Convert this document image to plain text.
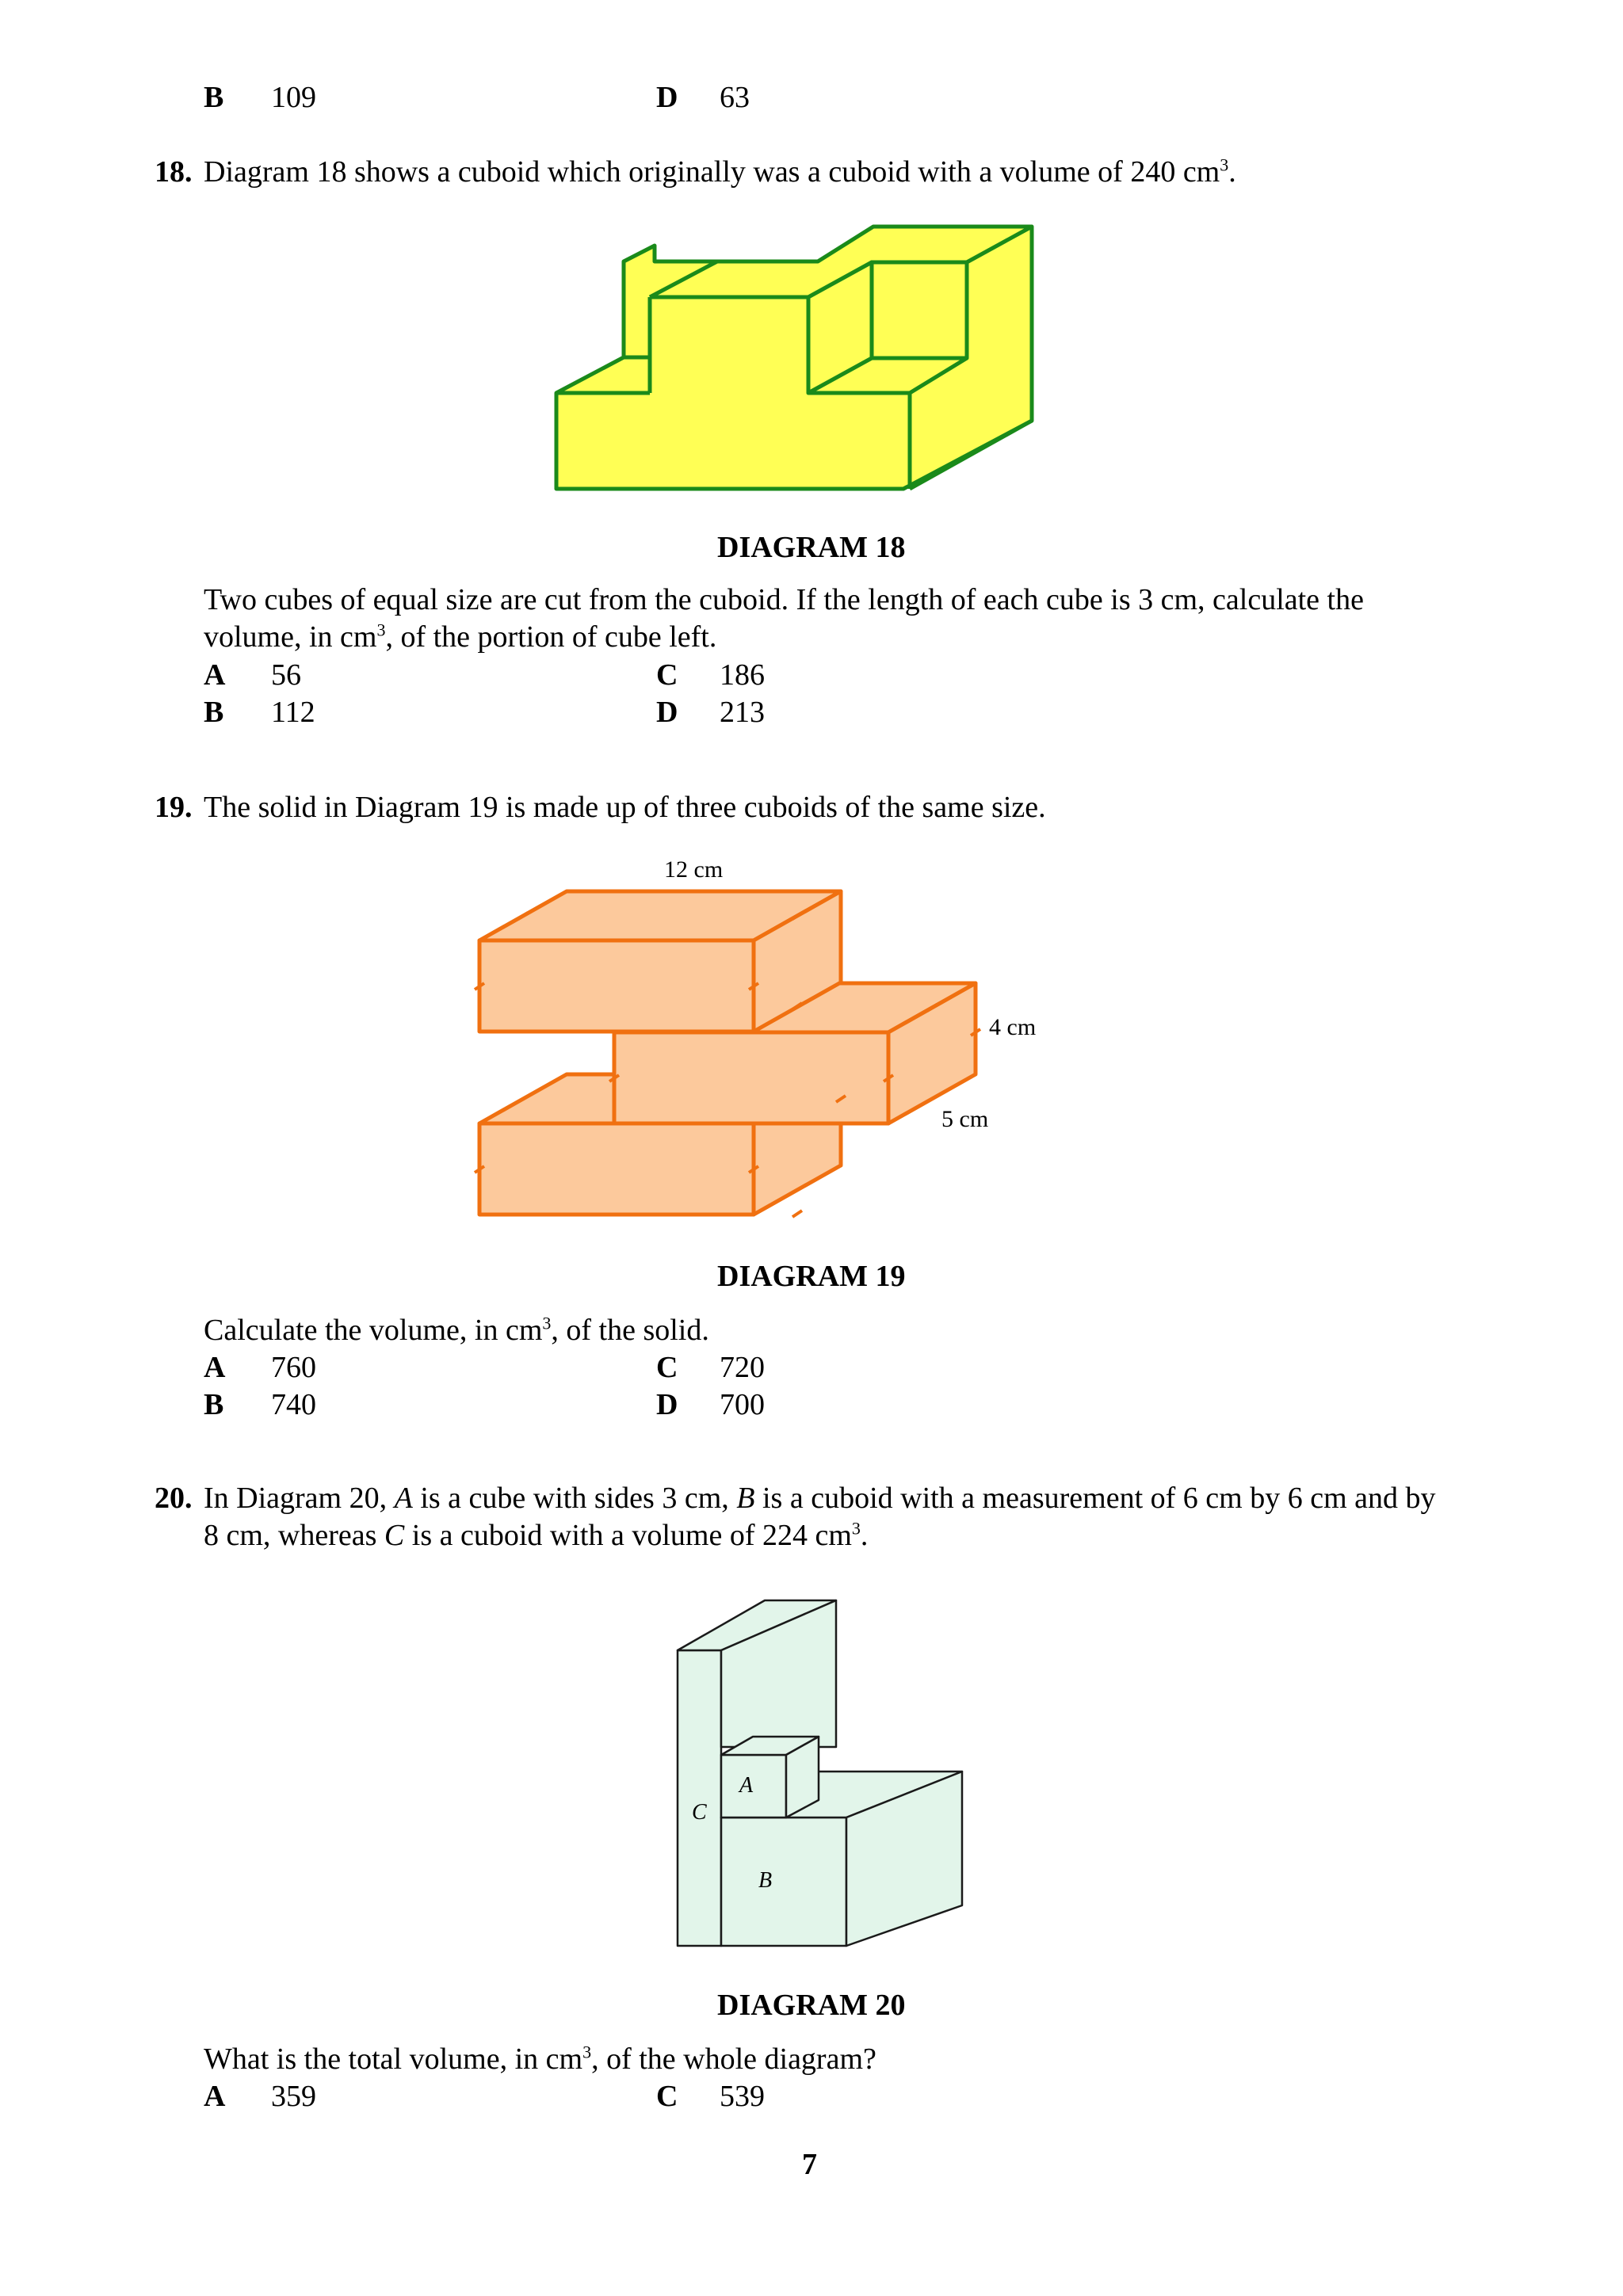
B 109	D 63
18. Diagram 18 shows a cuboid which originally was a cuboid with a volume of 240 $cm^3$.
DIAGRAM 18
Two cubes of equal size are cut from the cuboid. If the length of each cube is 3 cm, calculate the
volume, in $cm^3$, of the portion of cube left.
A 56	C 186
B 112	D 213
19. The solid in Diagram 19 is made up of three cuboids of the same size.
12 cm
4 cm
5 cm
DIAGRAM 19
Calculate the volume, in $cm^3$, of the solid.
A 760	C 720
B 740	D 700
20. In Diagram 20, A is a cube with sides 3 cm, B is a cuboid with a measurement of 6 cm by 6 cm and by
8 cm, whereas C is a cuboid with a volume of 224 $cm^3$.
A
B
C
DIAGRAM 20
What is the total volume, in $cm^3$, of the whole diagram?
A 359	C 539
7
